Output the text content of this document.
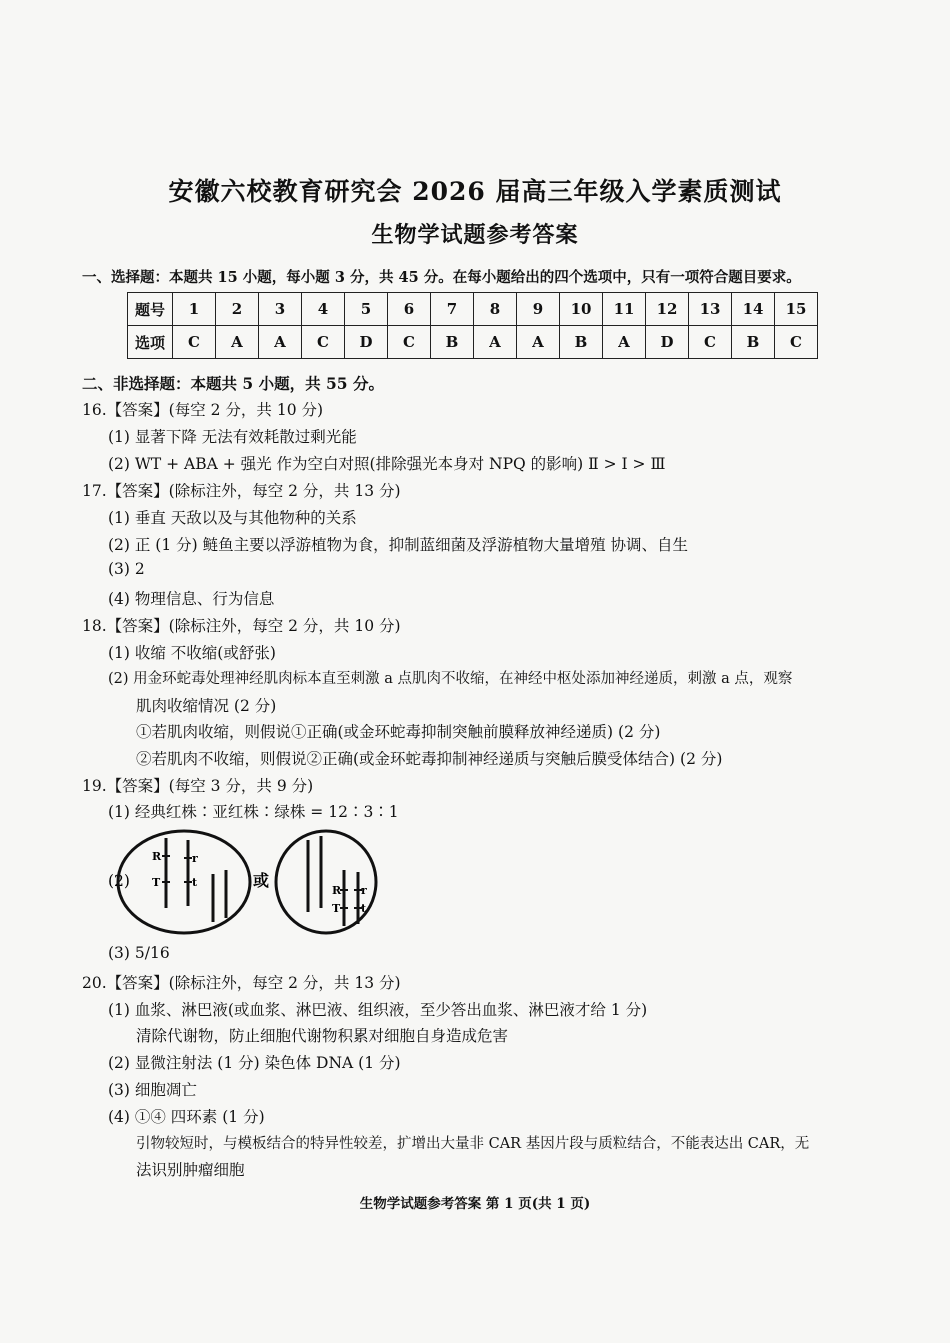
安徽六校教育研究会 2026 届高三年级入学素质测试
生物学试题参考答案
一、选择题：本题共 15 小题，每小题 3 分，共 45 分。在每小题给出的四个选项中，只有一项符合题目要求。
题号	1	2	3	4	5	6	7	8	9	10	11	12	13	14	15
选项	C	A	A	C	D	C	B	A	A	B	A	D	C	B	C
二、非选择题：本题共 5 小题，共 55 分。
16.【答案】(每空 2 分，共 10 分)
(1) 显著下降 无法有效耗散过剩光能
(2) WT + ABA + 强光 作为空白对照(排除强光本身对 NPQ 的影响) Ⅱ > Ⅰ > Ⅲ
17.【答案】(除标注外，每空 2 分，共 13 分)
(1) 垂直 天敌以及与其他物种的关系
(2) 正 (1 分) 鲢鱼主要以浮游植物为食，抑制蓝细菌及浮游植物大量增殖 协调、自生
(3) 2
(4) 物理信息、行为信息
18.【答案】(除标注外，每空 2 分，共 10 分)
(1) 收缩 不收缩(或舒张)
(2) 用金环蛇毒处理神经肌肉标本直至刺激 a 点肌肉不收缩，在神经中枢处添加神经递质，刺激 a 点，观察
肌肉收缩情况 (2 分)
①若肌肉收缩，则假说①正确(或金环蛇毒抑制突触前膜释放神经递质) (2 分)
②若肌肉不收缩，则假说②正确(或金环蛇毒抑制神经递质与突触后膜受体结合) (2 分)
19.【答案】(每空 3 分，共 9 分)
(1) 经典红株∶亚红株∶绿株 = 12∶3∶1
(2)
R	r
T	t	或
R r
T t
(3) 5/16
20.【答案】(除标注外，每空 2 分，共 13 分)
(1) 血浆、淋巴液(或血浆、淋巴液、组织液，至少答出血浆、淋巴液才给 1 分)
清除代谢物，防止细胞代谢物积累对细胞自身造成危害
(2) 显微注射法 (1 分) 染色体 DNA (1 分)
(3) 细胞凋亡
(4) ①④ 四环素 (1 分)
引物较短时，与模板结合的特异性较差，扩增出大量非 CAR 基因片段与质粒结合，不能表达出 CAR，无
法识别肿瘤细胞
生物学试题参考答案 第 1 页(共 1 页)
